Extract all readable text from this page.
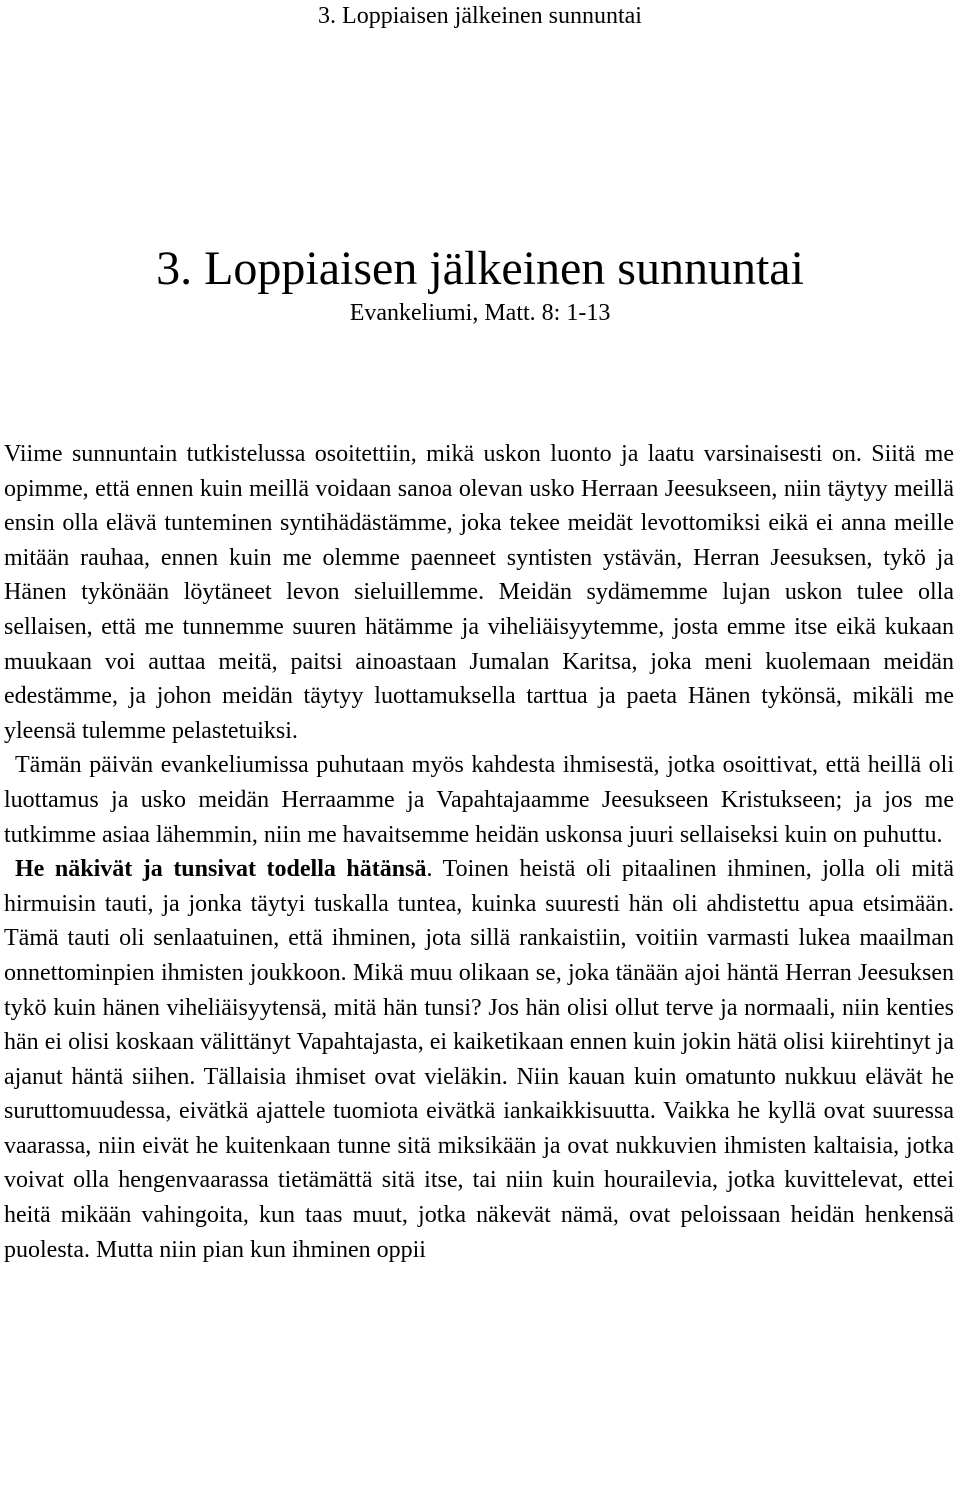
3. Loppiaisen jälkeinen sunnuntai
3. Loppiaisen jälkeinen sunnuntai
Evankeliumi, Matt. 8: 1-13

Viime sunnuntain tutkistelussa osoitettiin, mikä uskon luonto ja laatu varsinaisesti on. Siitä me opimme, että ennen kuin meillä voidaan sanoa olevan usko Herraan Jeesukseen, niin täytyy meillä ensin olla elävä tunteminen syntihädästämme, joka tekee meidät levottomiksi eikä ei anna meille mitään rauhaa, ennen kuin me olemme paenneet syntisten ystävän, Herran Jeesuksen, tykö ja Hänen tykönään löytäneet levon sieluillemme. Meidän sydämemme lujan uskon tulee olla sellaisen, että me tunnemme suuren hätämme ja viheliäisyytemme, josta emme itse eikä kukaan muukaan voi auttaa meitä, paitsi ainoastaan Jumalan Karitsa, joka meni kuolemaan meidän edestämme, ja johon meidän täytyy luottamuksella tarttua ja paeta Hänen tykönsä, mikäli me yleensä tulemme pelastetuiksi.

Tämän päivän evankeliumissa puhutaan myös kahdesta ihmisestä, jotka osoittivat, että heillä oli luottamus ja usko meidän Herraamme ja Vapahtajaamme Jeesukseen Kristukseen; ja jos me tutkimme asiaa lähemmin, niin me havaitsemme heidän uskonsa juuri sellaiseksi kuin on puhuttu.

He näkivät ja tunsivat todella hätänsä. Toinen heistä oli pitaalinen ihminen, jolla oli mitä hirmuisin tauti, ja jonka täytyi tuskalla tuntea, kuinka suuresti hän oli ahdistettu apua etsimään. Tämä tauti oli senlaatuinen, että ihminen, jota sillä rankaistiin, voitiin varmasti lukea maailman onnettominpien ihmisten joukkoon. Mikä muu olikaan se, joka tänään ajoi häntä Herran Jeesuksen tykö kuin hänen viheliäisyytensä, mitä hän tunsi? Jos hän olisi ollut terve ja normaali, niin kenties hän ei olisi koskaan välittänyt Vapahtajasta, ei kaiketikaan ennen kuin jokin hätä olisi kiirehtinyt ja ajanut häntä siihen. Tällaisia ihmiset ovat vieläkin. Niin kauan kuin omatunto nukkuu elävät he suruttomuudessa, eivätkä ajattele tuomiota eivätkä iankaikkisuutta. Vaikka he kyllä ovat suuressa vaarassa, niin eivät he kuitenkaan tunne sitä miksikään ja ovat nukkuvien ihmisten kaltaisia, jotka voivat olla hengenvaarassa tietämättä sitä itse, tai niin kuin hourailevia, jotka kuvittelevat, ettei heitä mikään vahingoita, kun taas muut, jotka näkevät nämä, ovat peloissaan heidän henkensä puolesta. Mutta niin pian kun ihminen oppii
